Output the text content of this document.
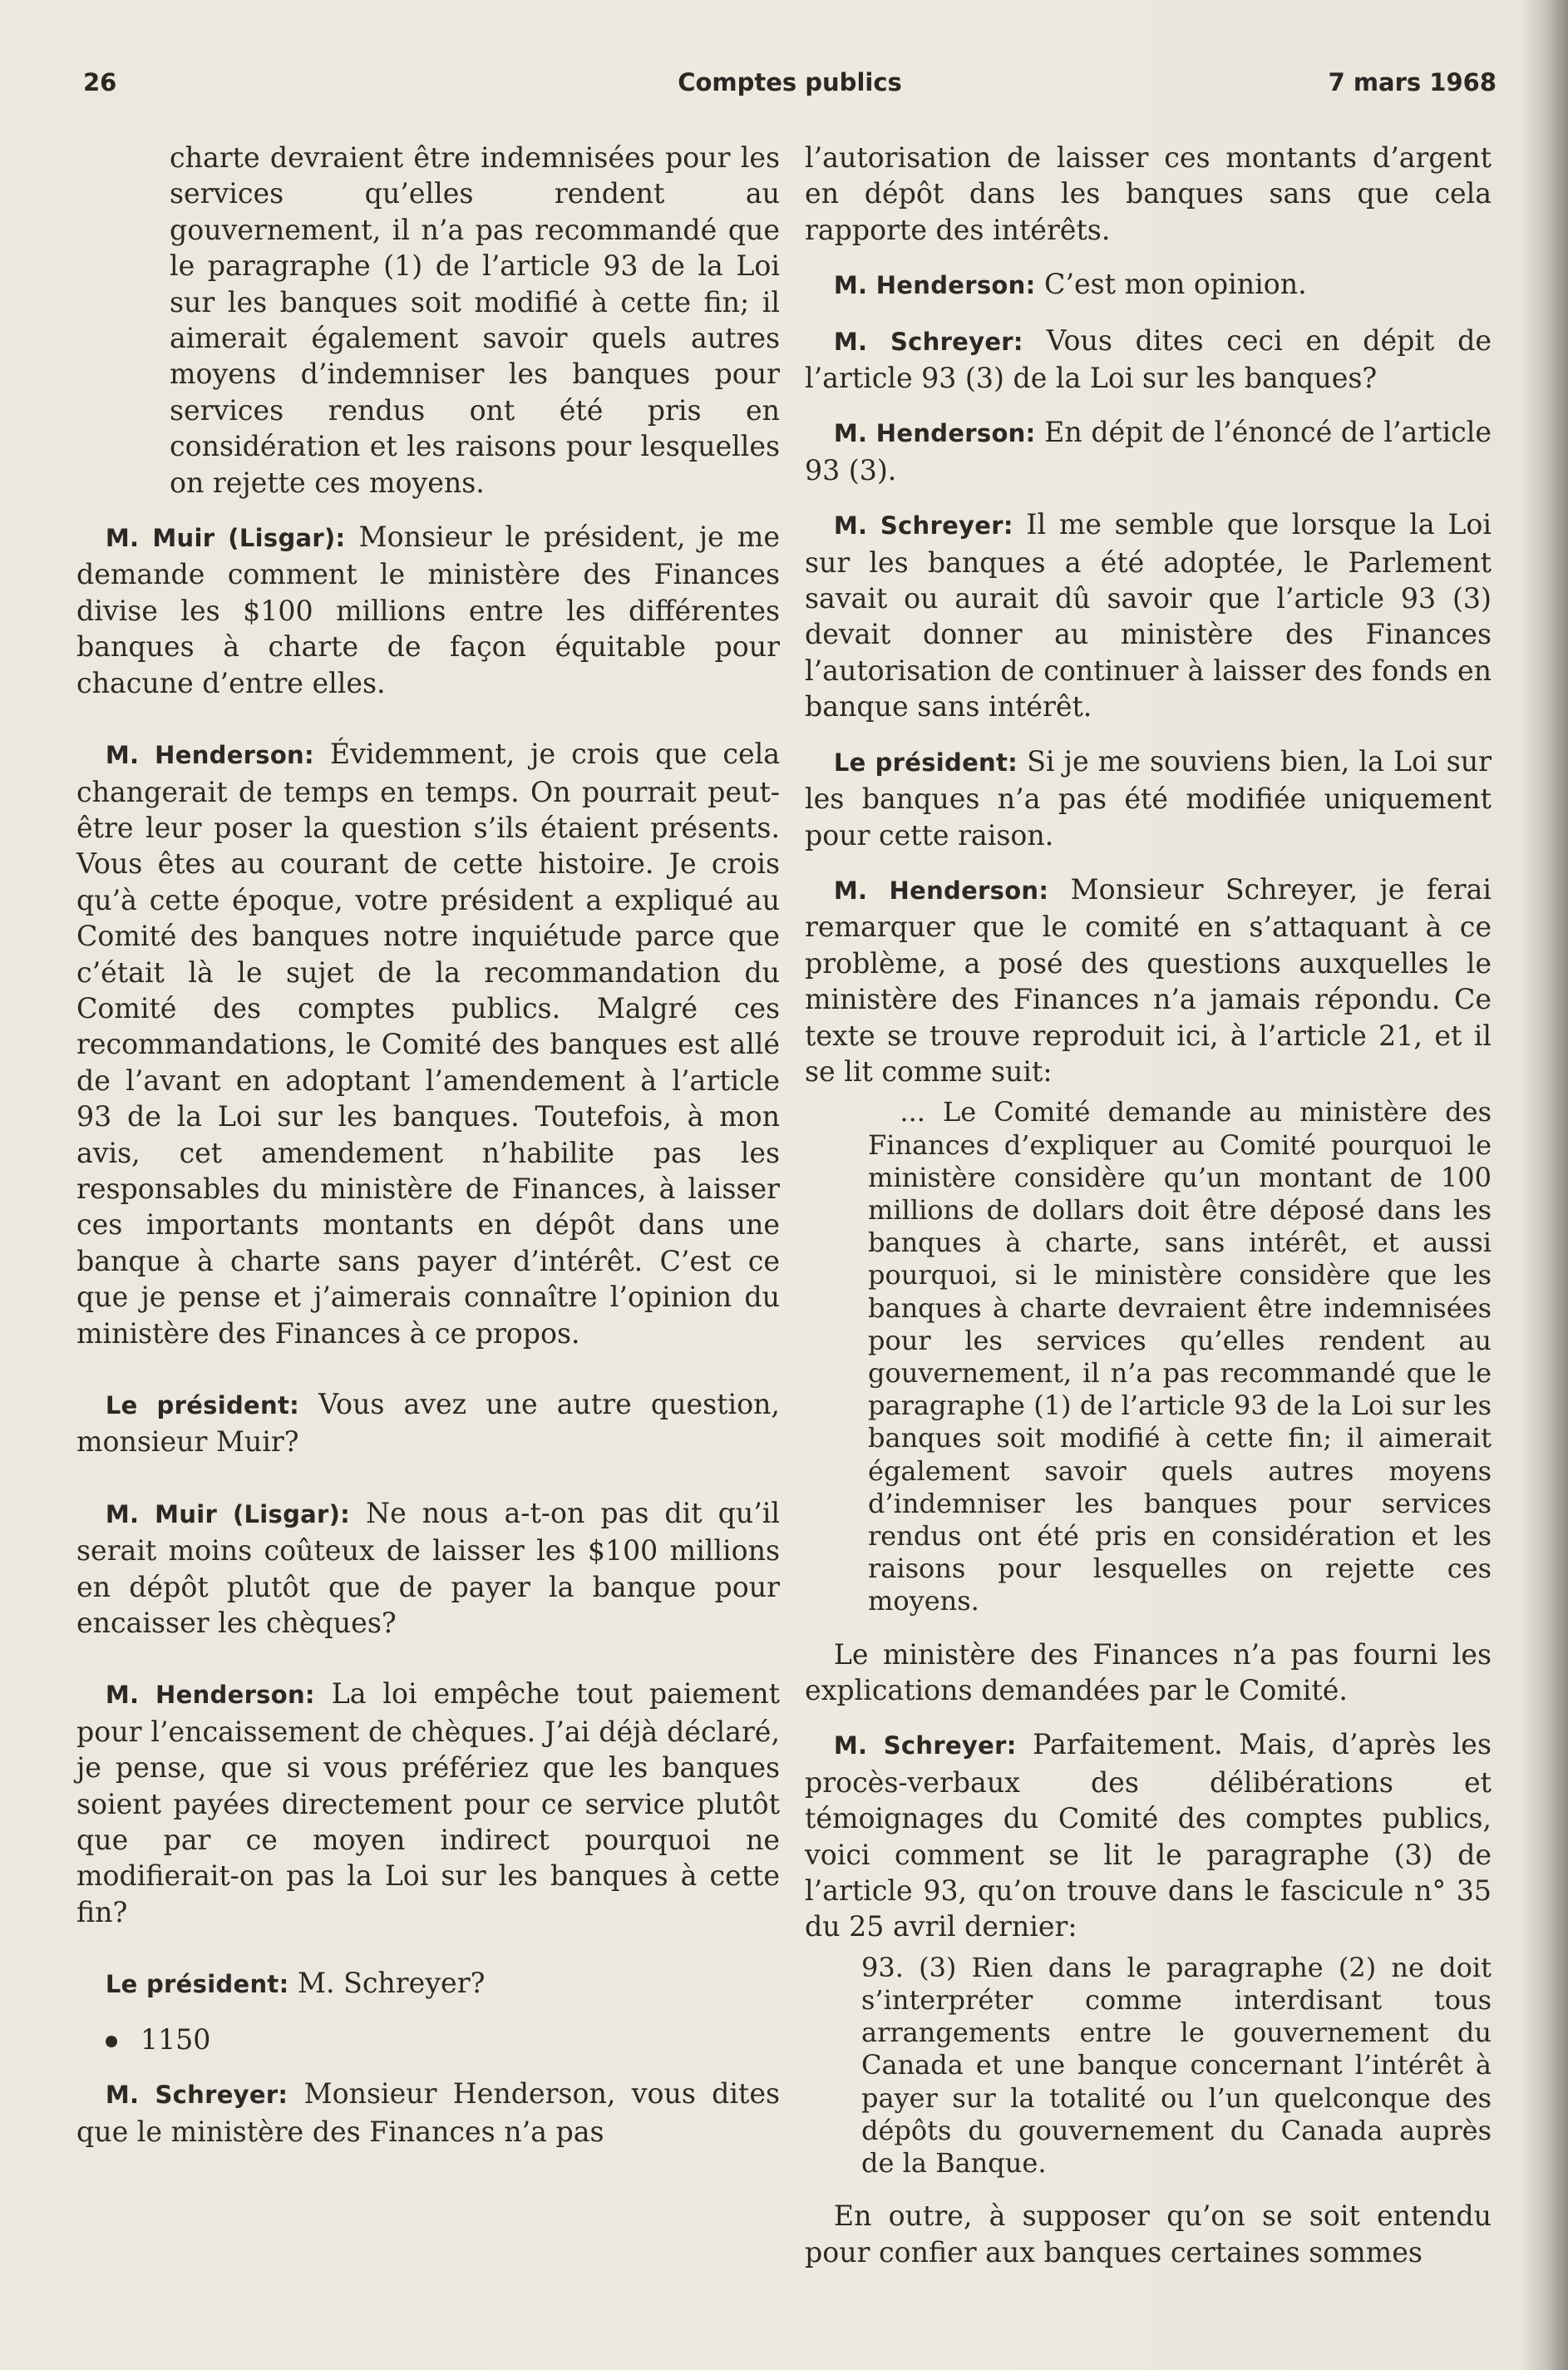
26	Comptes publics	7 mars 1968

charte devraient être indemnisées pour les services qu’elles rendent au gouvernement, il n’a pas recommandé que le paragraphe (1) de l’article 93 de la Loi sur les banques soit modifié à cette fin; il aimerait également savoir quels autres moyens d’indemniser les banques pour services rendus ont été pris en considération et les raisons pour lesquelles on rejette ces moyens.

M. Muir (Lisgar): Monsieur le président, je me demande comment le ministère des Finances divise les $100 millions entre les différentes banques à charte de façon équitable pour chacune d’entre elles.

M. Henderson: Évidemment, je crois que cela changerait de temps en temps. On pourrait peut-être leur poser la question s’ils étaient présents. Vous êtes au courant de cette histoire. Je crois qu’à cette époque, votre président a expliqué au Comité des banques notre inquiétude parce que c’était là le sujet de la recommandation du Comité des comptes publics. Malgré ces recommandations, le Comité des banques est allé de l’avant en adoptant l’amendement à l’article 93 de la Loi sur les banques. Toutefois, à mon avis, cet amendement n’habilite pas les responsables du ministère de Finances, à laisser ces importants montants en dépôt dans une banque à charte sans payer d’intérêt. C’est ce que je pense et j’aimerais connaître l’opinion du ministère des Finances à ce propos.

Le président: Vous avez une autre question, monsieur Muir?

M. Muir (Lisgar): Ne nous a-t-on pas dit qu’il serait moins coûteux de laisser les $100 millions en dépôt plutôt que de payer la banque pour encaisser les chèques?

M. Henderson: La loi empêche tout paiement pour l’encaissement de chèques. J’ai déjà déclaré, je pense, que si vous préfériez que les banques soient payées directement pour ce service plutôt que par ce moyen indirect pourquoi ne modifierait-on pas la Loi sur les banques à cette fin?

Le président: M. Schreyer?

1150

M. Schreyer: Monsieur Henderson, vous dites que le ministère des Finances n’a pas

l’autorisation de laisser ces montants d’argent en dépôt dans les banques sans que cela rapporte des intérêts.

M. Henderson: C’est mon opinion.

M. Schreyer: Vous dites ceci en dépit de l’article 93 (3) de la Loi sur les banques?

M. Henderson: En dépit de l’énoncé de l’article 93 (3).

M. Schreyer: Il me semble que lorsque la Loi sur les banques a été adoptée, le Parlement savait ou aurait dû savoir que l’article 93 (3) devait donner au ministère des Finances l’autorisation de continuer à laisser des fonds en banque sans intérêt.

Le président: Si je me souviens bien, la Loi sur les banques n’a pas été modifiée uniquement pour cette raison.

M. Henderson: Monsieur Schreyer, je ferai remarquer que le comité en s’attaquant à ce problème, a posé des questions auxquelles le ministère des Finances n’a jamais répondu. Ce texte se trouve reproduit ici, à l’article 21, et il se lit comme suit:

... Le Comité demande au ministère des Finances d’expliquer au Comité pourquoi le ministère considère qu’un montant de 100 millions de dollars doit être déposé dans les banques à charte, sans intérêt, et aussi pourquoi, si le ministère considère que les banques à charte devraient être indemnisées pour les services qu’elles rendent au gouvernement, il n’a pas recommandé que le paragraphe (1) de l’article 93 de la Loi sur les banques soit modifié à cette fin; il aimerait également savoir quels autres moyens d’indemniser les banques pour services rendus ont été pris en considération et les raisons pour lesquelles on rejette ces moyens.

Le ministère des Finances n’a pas fourni les explications demandées par le Comité.

M. Schreyer: Parfaitement. Mais, d’après les procès-verbaux des délibérations et témoignages du Comité des comptes publics, voici comment se lit le paragraphe (3) de l’article 93, qu’on trouve dans le fascicule n° 35 du 25 avril dernier:

93. (3) Rien dans le paragraphe (2) ne doit s’interpréter comme interdisant tous arrangements entre le gouvernement du Canada et une banque concernant l’intérêt à payer sur la totalité ou l’un quelconque des dépôts du gouvernement du Canada auprès de la Banque.

En outre, à supposer qu’on se soit entendu pour confier aux banques certaines sommes
